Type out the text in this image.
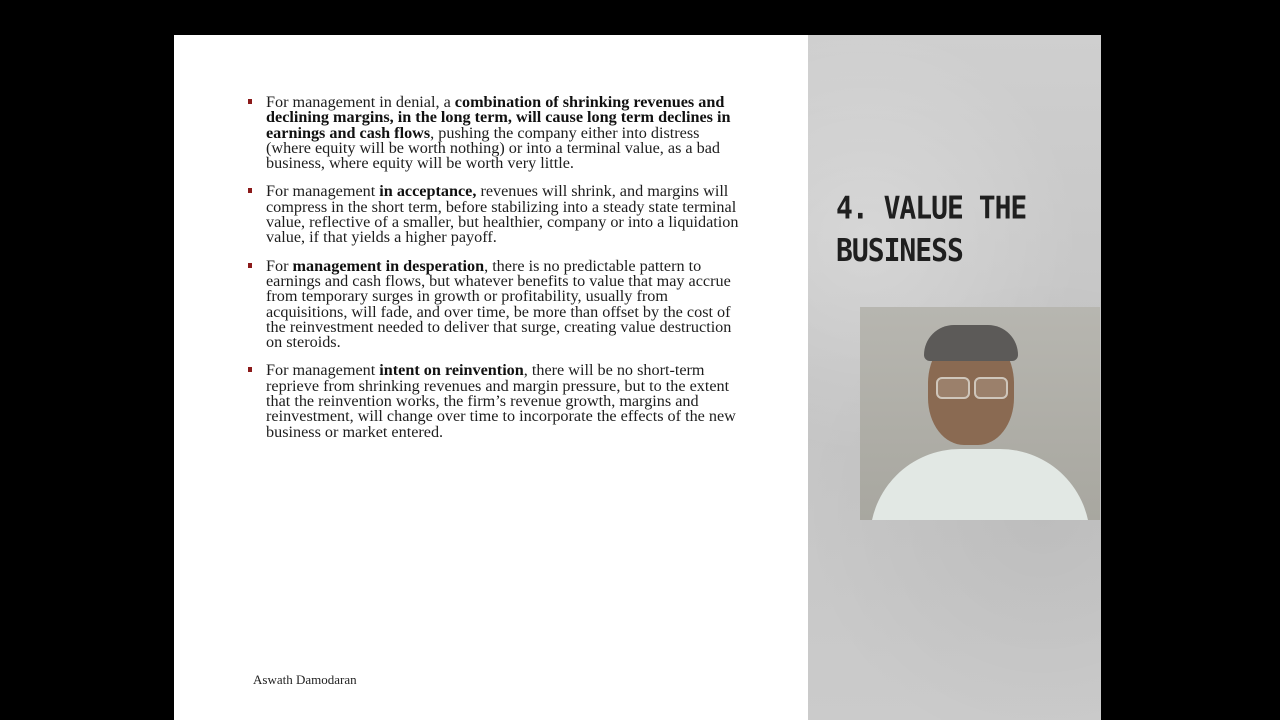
For management in denial, a combination of shrinking revenues and declining margins, in the long term, will cause long term declines in earnings and cash flows, pushing the company either into distress (where equity will be worth nothing) or into a terminal value, as a bad business, where equity will be worth very little.
For management in acceptance, revenues will shrink, and margins will compress in the short term, before stabilizing into a steady state terminal value, reflective of a smaller, but healthier, company or into a liquidation value, if that yields a higher payoff.
For management in desperation, there is no predictable pattern to earnings and cash flows, but whatever benefits to value that may accrue from temporary surges in growth or profitability, usually from acquisitions, will fade, and over time, be more than offset by the cost of the reinvestment needed to deliver that surge, creating value destruction on steroids.
For management intent on reinvention, there will be no short-term reprieve from shrinking revenues and margin pressure, but to the extent that the reinvention works, the firm’s revenue growth, margins and reinvestment, will change over time to incorporate the effects of the new business or market entered.
Aswath Damodaran
4. VALUE THE
BUSINESS
